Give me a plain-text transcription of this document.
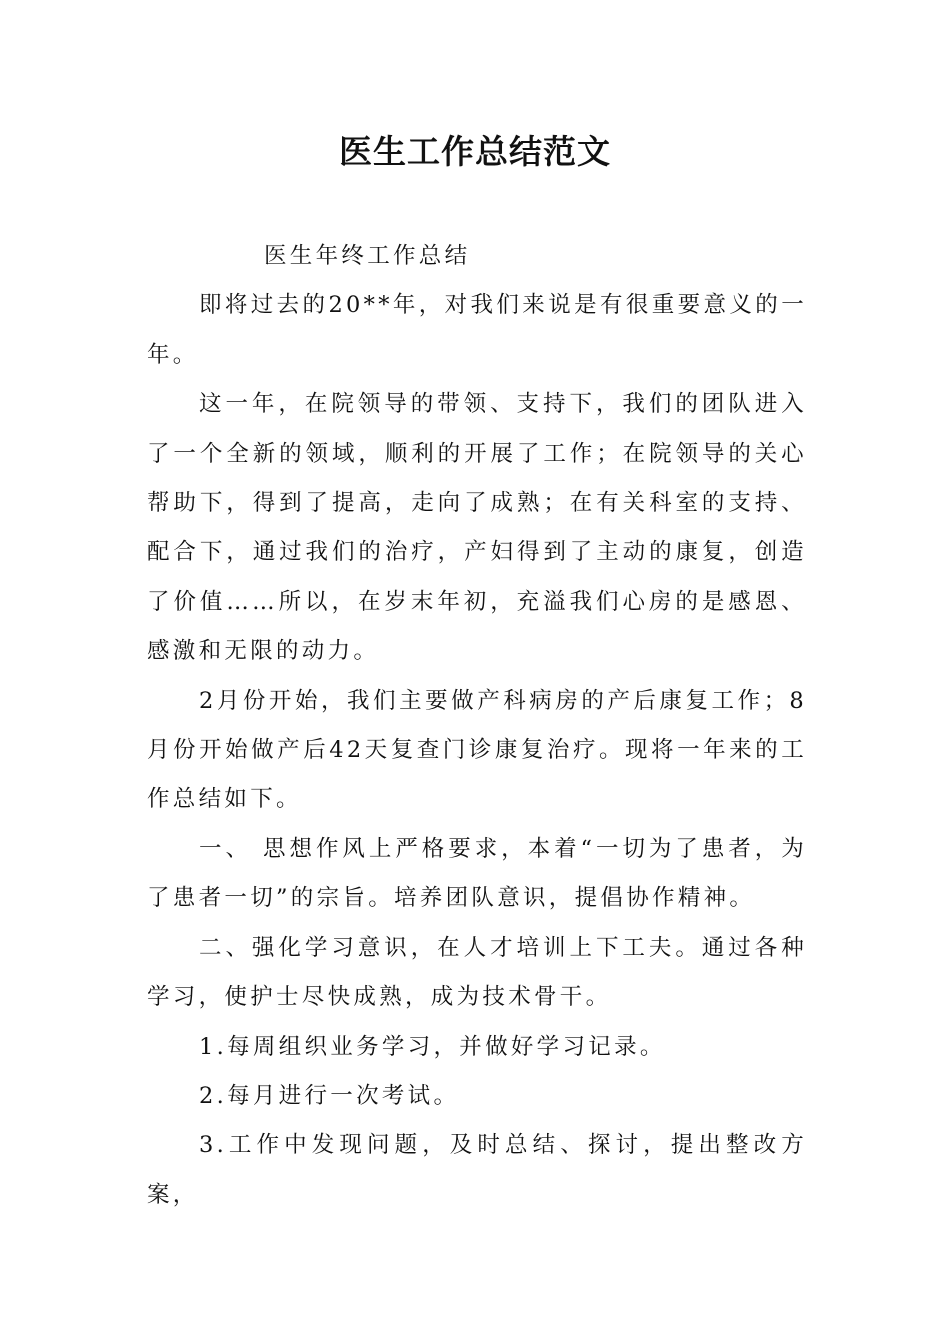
医生工作总结范文

医生年终工作总结

即将过去的20**年，对我们来说是有很重要意义的一年。

这一年，在院领导的带领、支持下，我们的团队进入了一个全新的领域，顺利的开展了工作；在院领导的关心帮助下，得到了提高，走向了成熟；在有关科室的支持、配合下，通过我们的治疗，产妇得到了主动的康复，创造了价值……所以，在岁末年初，充溢我们心房的是感恩、感激和无限的动力。

2月份开始，我们主要做产科病房的产后康复工作；8月份开始做产后42天复查门诊康复治疗。现将一年来的工作总结如下。

一、 思想作风上严格要求，本着“一切为了患者，为了患者一切”的宗旨。培养团队意识，提倡协作精神。

二、强化学习意识，在人才培训上下工夫。通过各种学习，使护士尽快成熟，成为技术骨干。

1.每周组织业务学习，并做好学习记录。

2.每月进行一次考试。

3.工作中发现问题，及时总结、探讨，提出整改方案，
